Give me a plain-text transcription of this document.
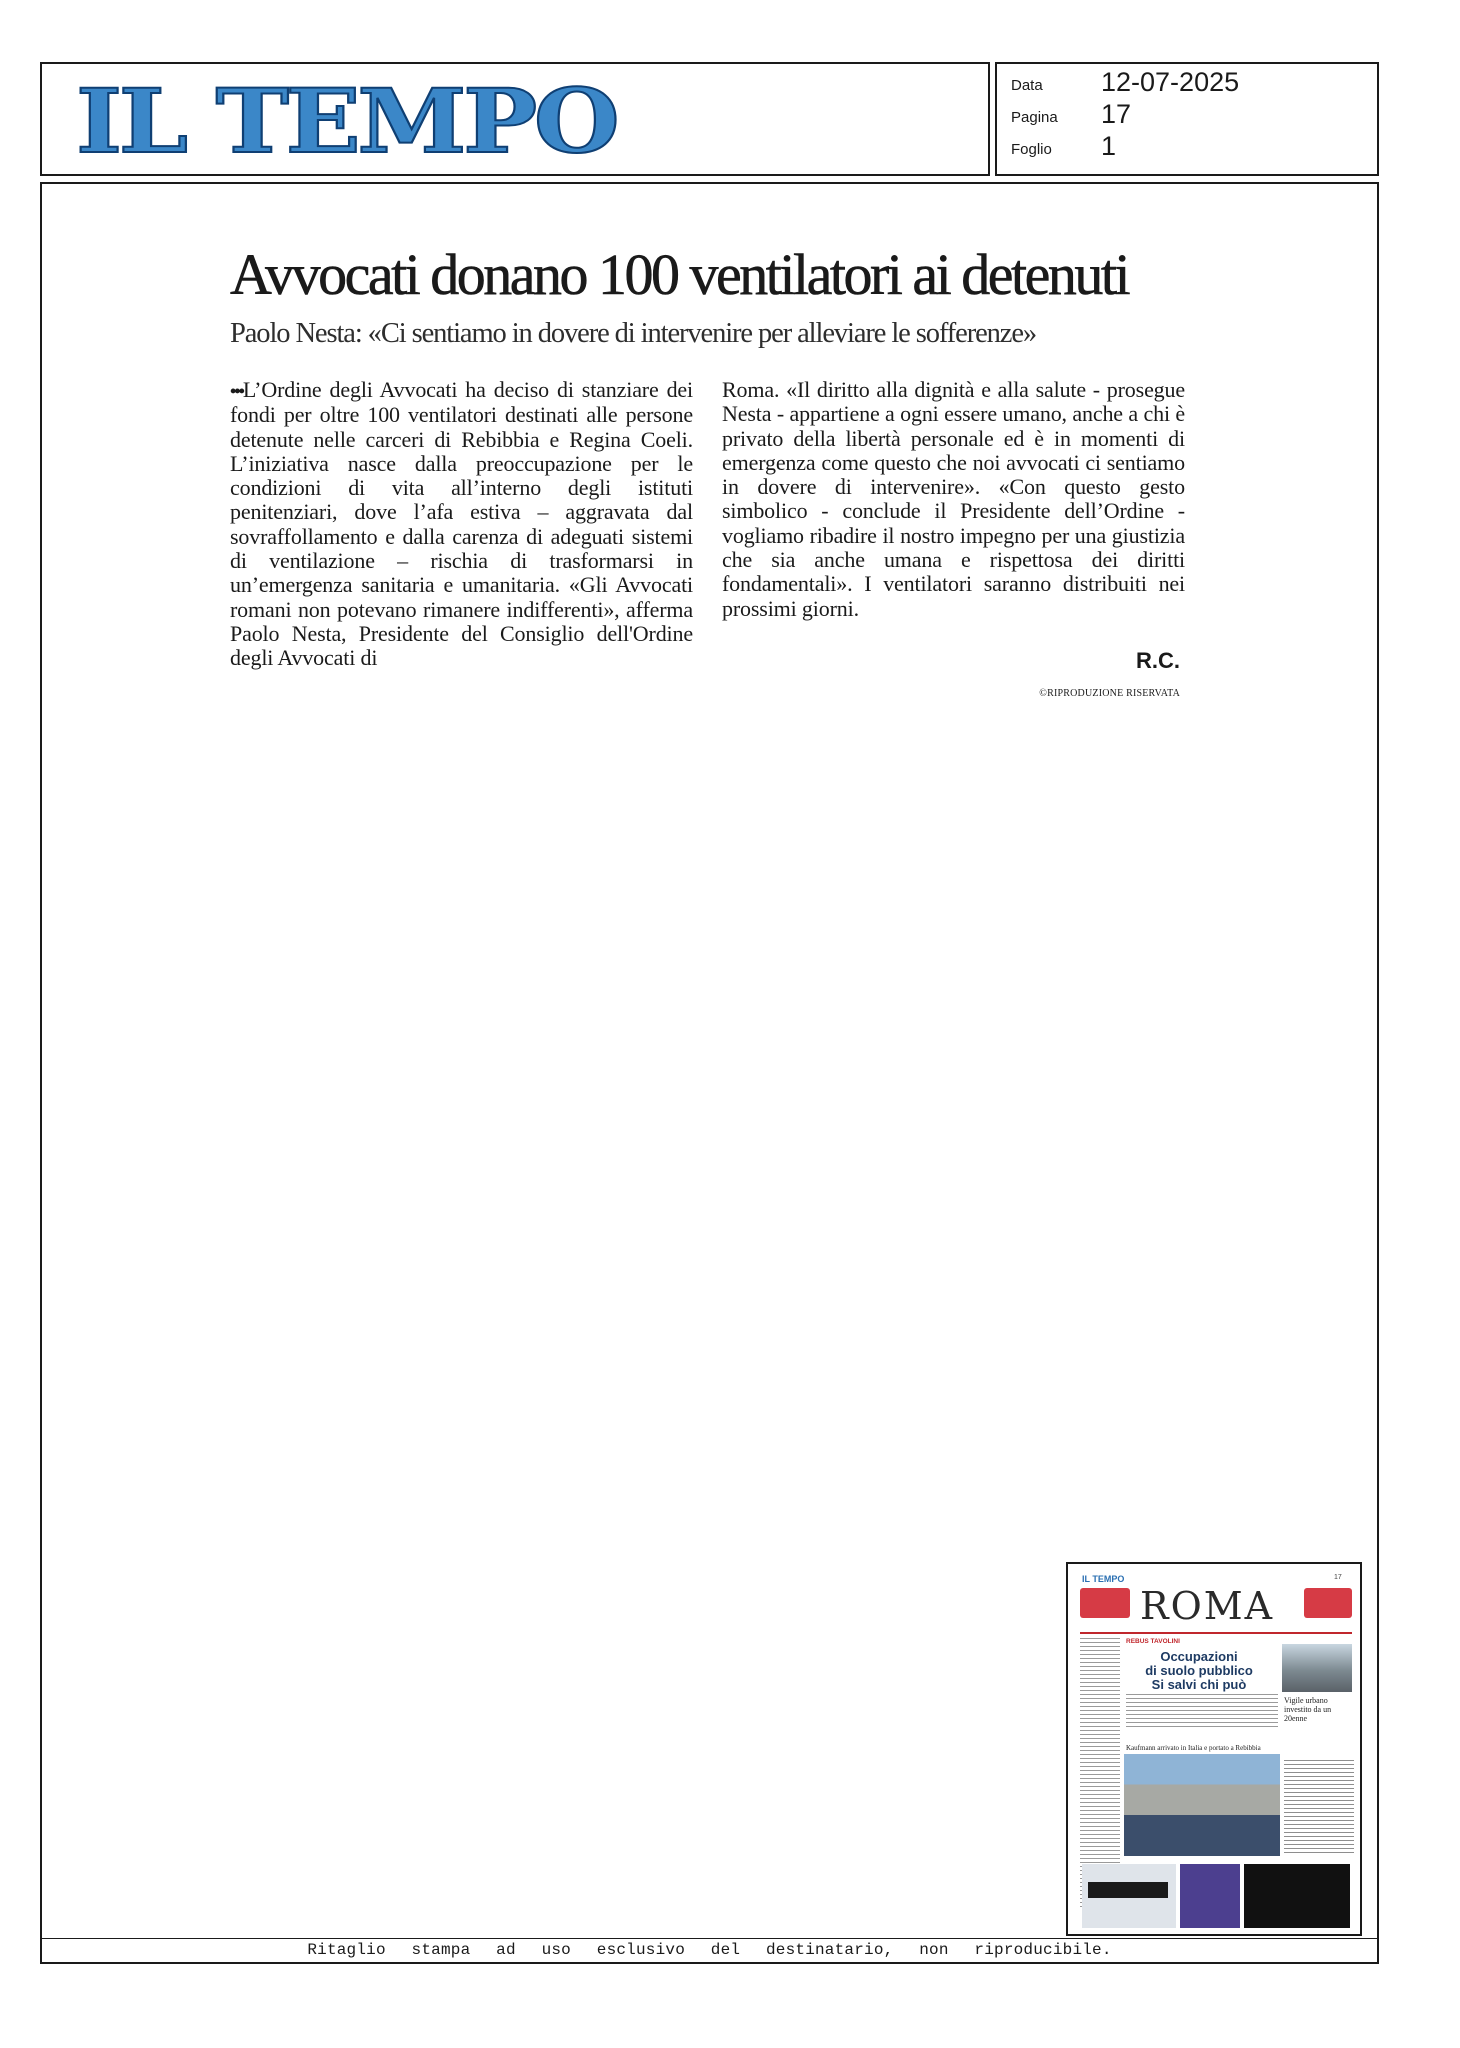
IL TEMPO	Data 12-07-2025
Pagina 17
Foglio 1
Avvocati donano 100 ventilatori ai detenuti

Paolo Nesta: «Ci sentiamo in dovere di intervenire per alleviare le sofferenze»

•••L’Ordine degli Avvocati ha deciso di stanziare dei fondi per oltre 100 ventilatori destinati alle persone detenute nelle carceri di Rebibbia e Regina Coeli. L’iniziativa nasce dalla preoccupazione per le condizioni di vita all’interno degli istituti penitenziari, dove l’afa estiva – aggravata dal sovraffollamento e dalla carenza di adeguati sistemi di ventilazione – rischia di trasformarsi in un’emergenza sanitaria e umanitaria. «Gli Avvocati romani non potevano rimanere indifferenti», afferma Paolo Nesta, Presidente del Consiglio dell'Ordine degli Avvocati di

Roma. «Il diritto alla dignità e alla salute - prosegue Nesta - appartiene a ogni essere umano, anche a chi è privato della libertà personale ed è in momenti di emergenza come questo che noi avvocati ci sentiamo in dovere di intervenire». «Con questo gesto simbolico - conclude il Presidente dell’Ordine - vogliamo ribadire il nostro impegno per una giustizia che sia anche umana e rispettosa dei diritti fondamentali». I ventilatori saranno distribuiti nei prossimi giorni.

R.C.

©RIPRODUZIONE RISERVATA

IL TEMPO	17
ROMA
REBUS TAVOLINI
Occupazioni
di suolo pubblico
Si salvi chi può
Vigile urbano investito da un 20enne
Kaufmann arrivato in Italia e portato a Rebibbia

Ritaglio stampa ad uso esclusivo del destinatario, non riproducibile.
